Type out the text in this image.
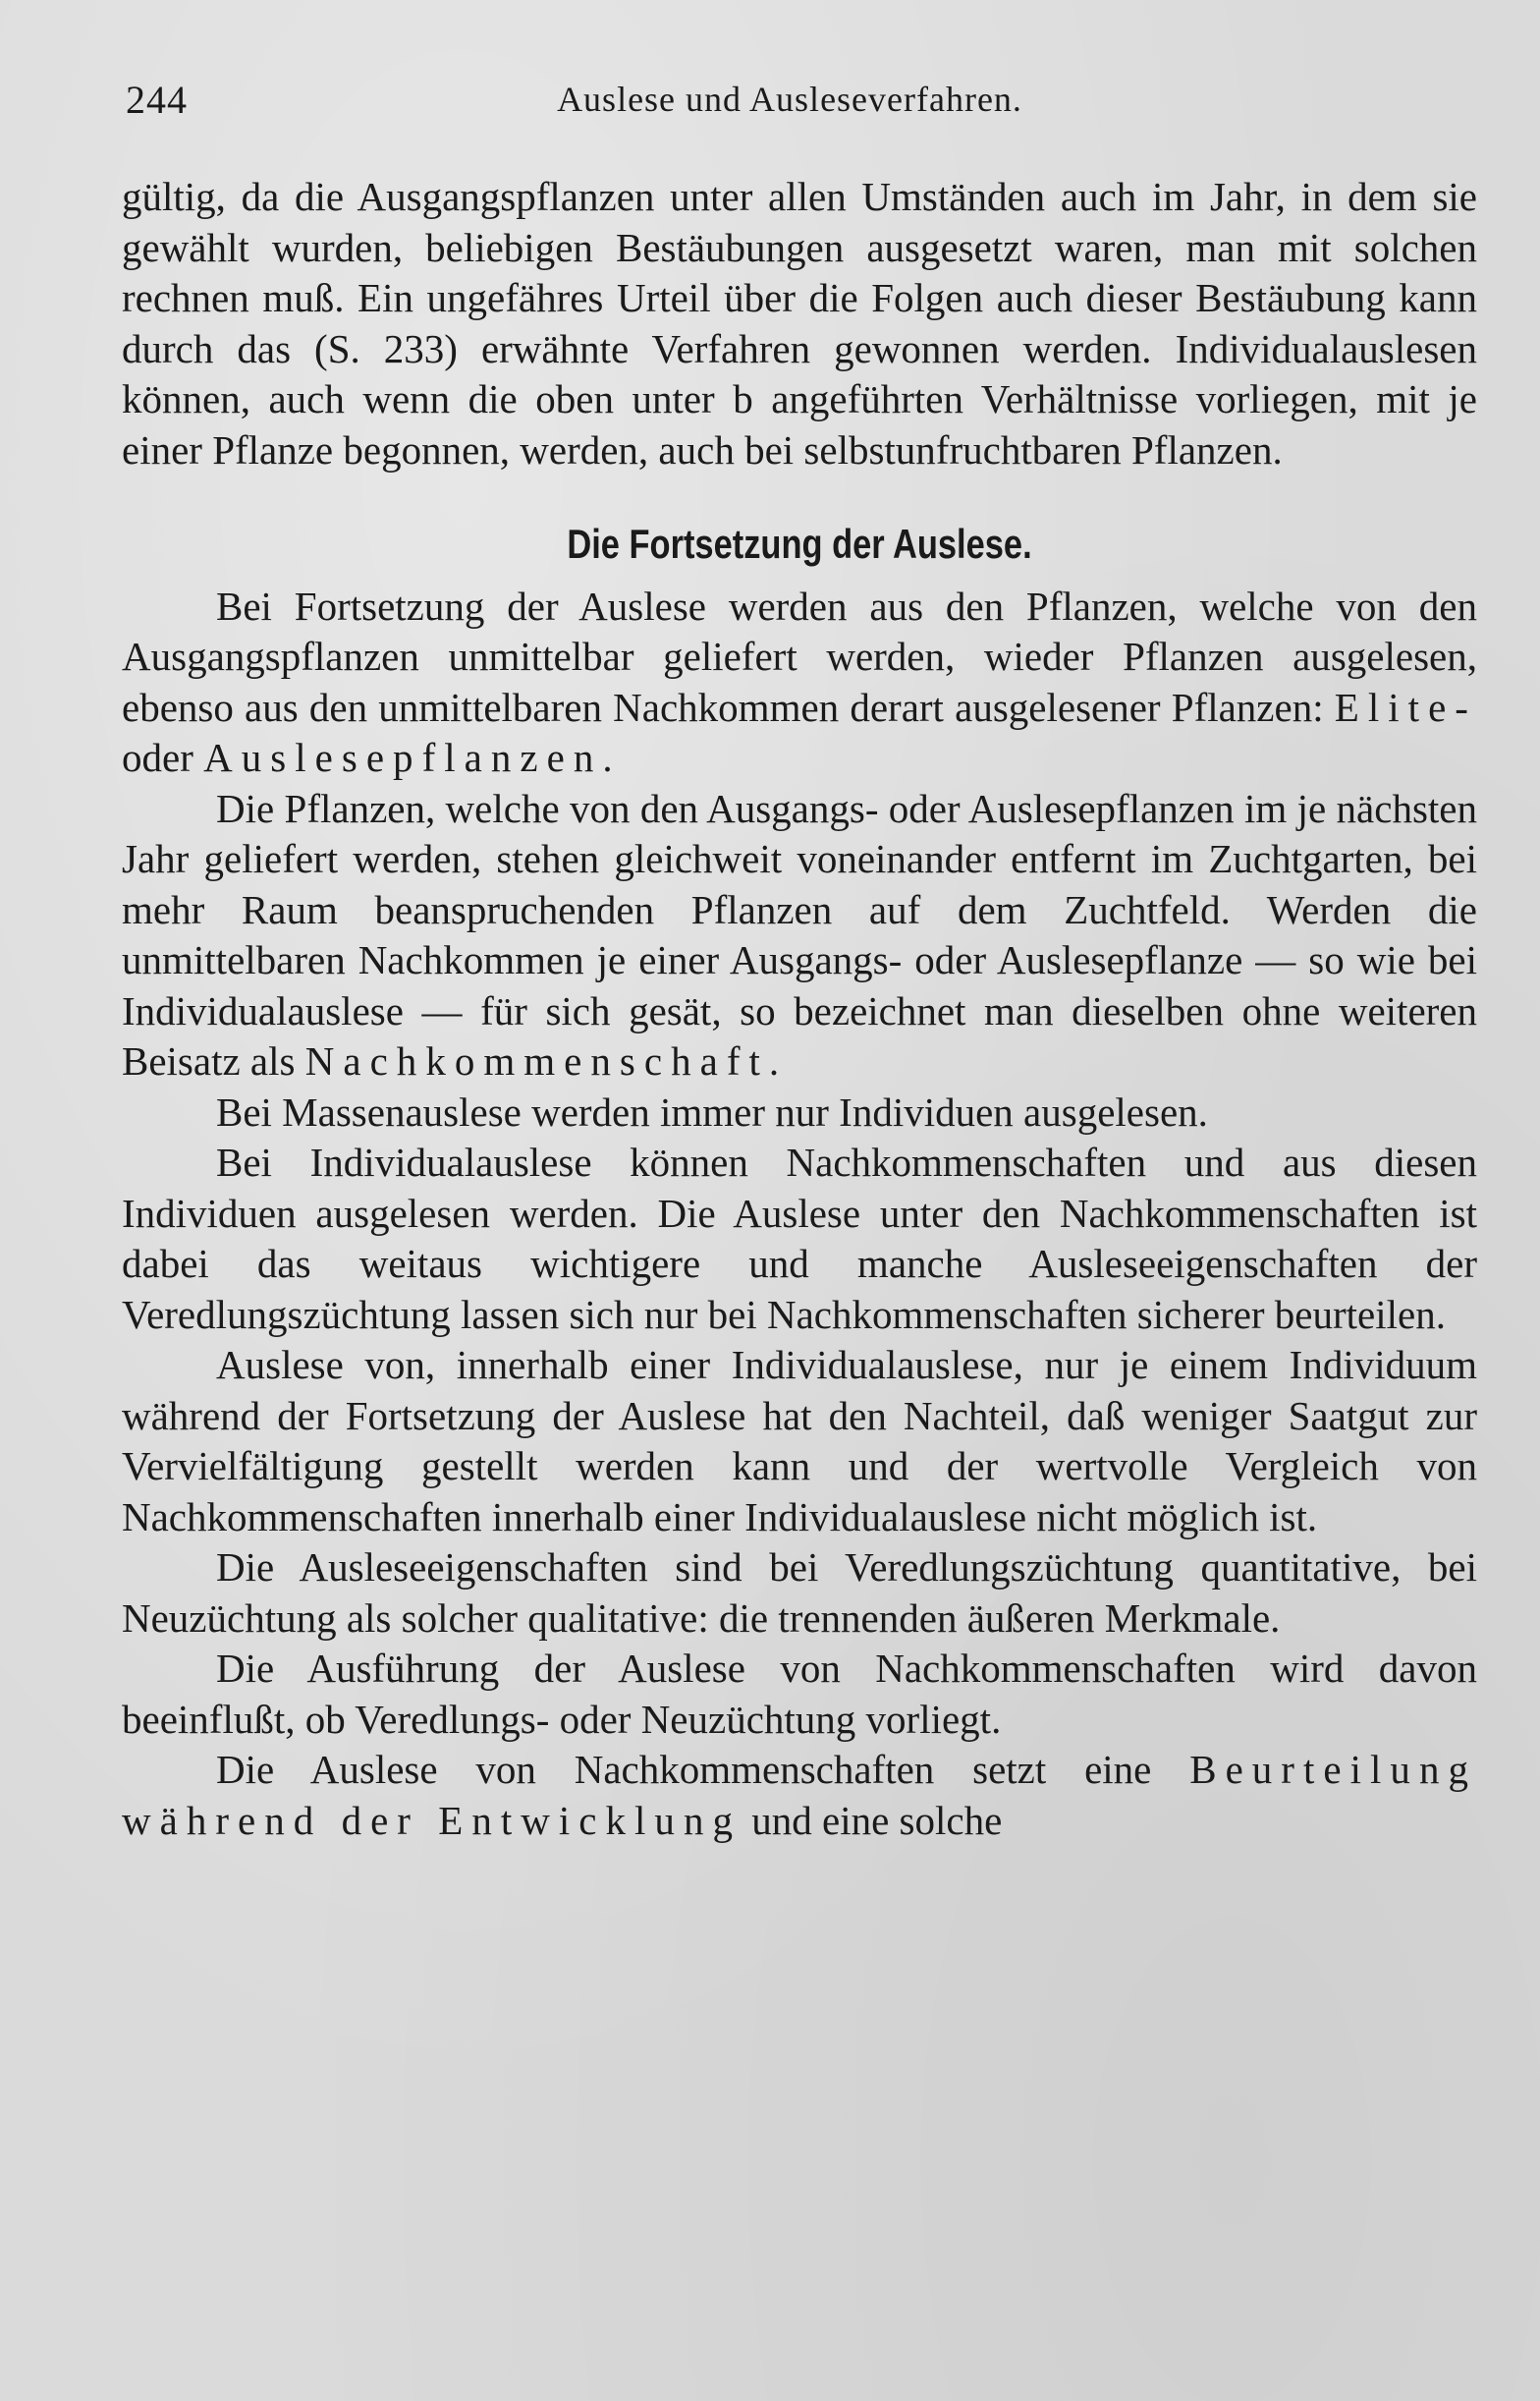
244	Auslese und Ausleseverfahren.

gültig, da die Ausgangspflanzen unter allen Umständen auch im Jahr, in dem sie gewählt wurden, beliebigen Bestäubungen ausgesetzt waren, man mit solchen rechnen muß. Ein ungefähres Urteil über die Folgen auch dieser Bestäubung kann durch das (S. 233) erwähnte Verfahren gewonnen werden. Individualauslesen können, auch wenn die oben unter b angeführten Verhältnisse vorliegen, mit je einer Pflanze begonnen, werden, auch bei selbstunfruchtbaren Pflanzen.

Die Fortsetzung der Auslese.

Bei Fortsetzung der Auslese werden aus den Pflanzen, welche von den Ausgangspflanzen unmittelbar geliefert werden, wieder Pflanzen ausgelesen, ebenso aus den unmittelbaren Nachkommen derart ausgelesener Pflanzen: Elite- oder Auslesepflanzen.

Die Pflanzen, welche von den Ausgangs- oder Auslesepflanzen im je nächsten Jahr geliefert werden, stehen gleichweit voneinander entfernt im Zuchtgarten, bei mehr Raum beanspruchenden Pflanzen auf dem Zuchtfeld. Werden die unmittelbaren Nachkommen je einer Ausgangs- oder Auslesepflanze — so wie bei Individualauslese — für sich gesät, so bezeichnet man dieselben ohne weiteren Beisatz als Nachkommenschaft.

Bei Massenauslese werden immer nur Individuen ausgelesen.

Bei Individualauslese können Nachkommenschaften und aus diesen Individuen ausgelesen werden. Die Auslese unter den Nachkommenschaften ist dabei das weitaus wichtigere und manche Ausleseeigenschaften der Veredlungszüchtung lassen sich nur bei Nachkommenschaften sicherer beurteilen.

Auslese von, innerhalb einer Individualauslese, nur je einem Individuum während der Fortsetzung der Auslese hat den Nachteil, daß weniger Saatgut zur Vervielfältigung gestellt werden kann und der wertvolle Vergleich von Nachkommenschaften innerhalb einer Individualauslese nicht möglich ist.

Die Ausleseeigenschaften sind bei Veredlungszüchtung quantitative, bei Neuzüchtung als solcher qualitative: die trennenden äußeren Merkmale.

Die Ausführung der Auslese von Nachkommenschaften wird davon beeinflußt, ob Veredlungs- oder Neuzüchtung vorliegt.

Die Auslese von Nachkommenschaften setzt eine Beurteilung während der Entwicklung und eine solche
